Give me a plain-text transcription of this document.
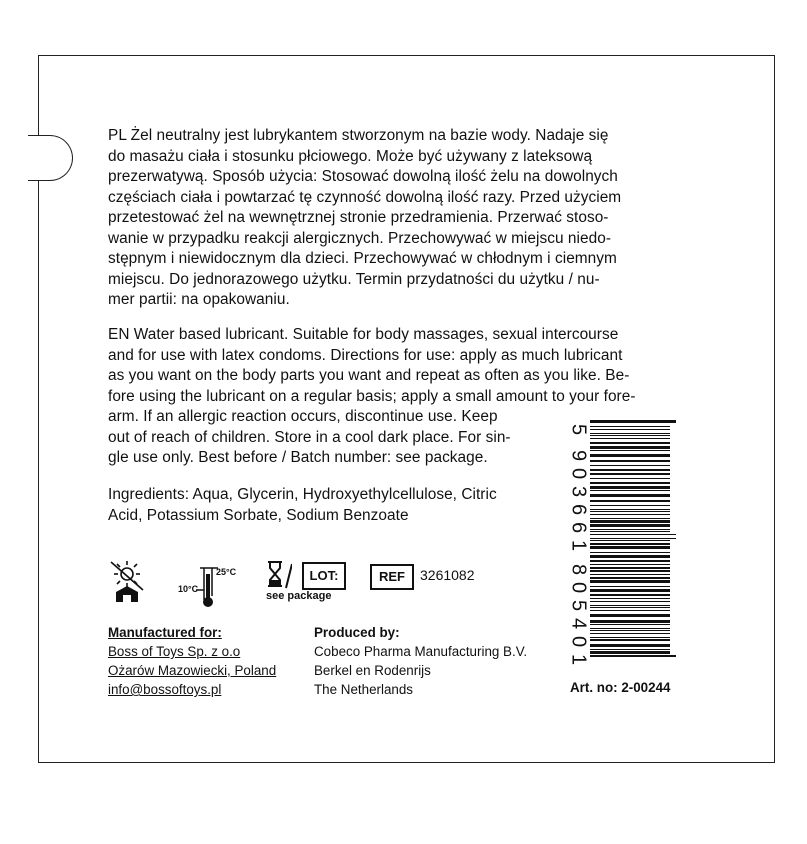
PL Żel neutralny jest lubrykantem stworzonym na bazie wody. Nadaje się
do masażu ciała i stosunku płciowego. Może być używany z lateksową
prezerwatywą. Sposób użycia: Stosować dowolną ilość żelu na dowolnych
częściach ciała i powtarzać tę czynność dowolną ilość razy. Przed użyciem
przetestować żel na wewnętrznej stronie przedramienia. Przerwać stoso-
wanie w przypadku reakcji alergicznych. Przechowywać w miejscu niedo-
stępnym i niewidocznym dla dzieci. Przechowywać w chłodnym i ciemnym
miejscu. Do jednorazowego użytku. Termin przydatności du użytku / nu-
mer partii: na opakowaniu.

EN Water based lubricant. Suitable for body massages, sexual intercourse
and for use with latex condoms. Directions for use: apply as much lubricant
as you want on the body parts you want and repeat as often as you like. Be-
fore using the lubricant on a regular basis; apply a small amount to your fore-
arm. If an allergic reaction occurs, discontinue use. Keep
out of reach of children. Store in a cool dark place. For sin-
gle use only. Best before / Batch number: see package.

Ingredients: Aqua, Glycerin, Hydroxyethylcellulose, Citric
Acid, Potassium Sorbate, Sodium Benzoate

10°C
25°C	LOT:
see package
REF	3261082

Manufactured for:
Boss of Toys Sp. z o.o
Ożarów Mazowiecki, Poland
info@bossoftoys.pl

Produced by:
Cobeco Pharma Manufacturing B.V.
Berkel en Rodenrijs
The Netherlands	Art. no: 2-00244
5
9
0
3
6
6
1
8
0
5
4
0
1
